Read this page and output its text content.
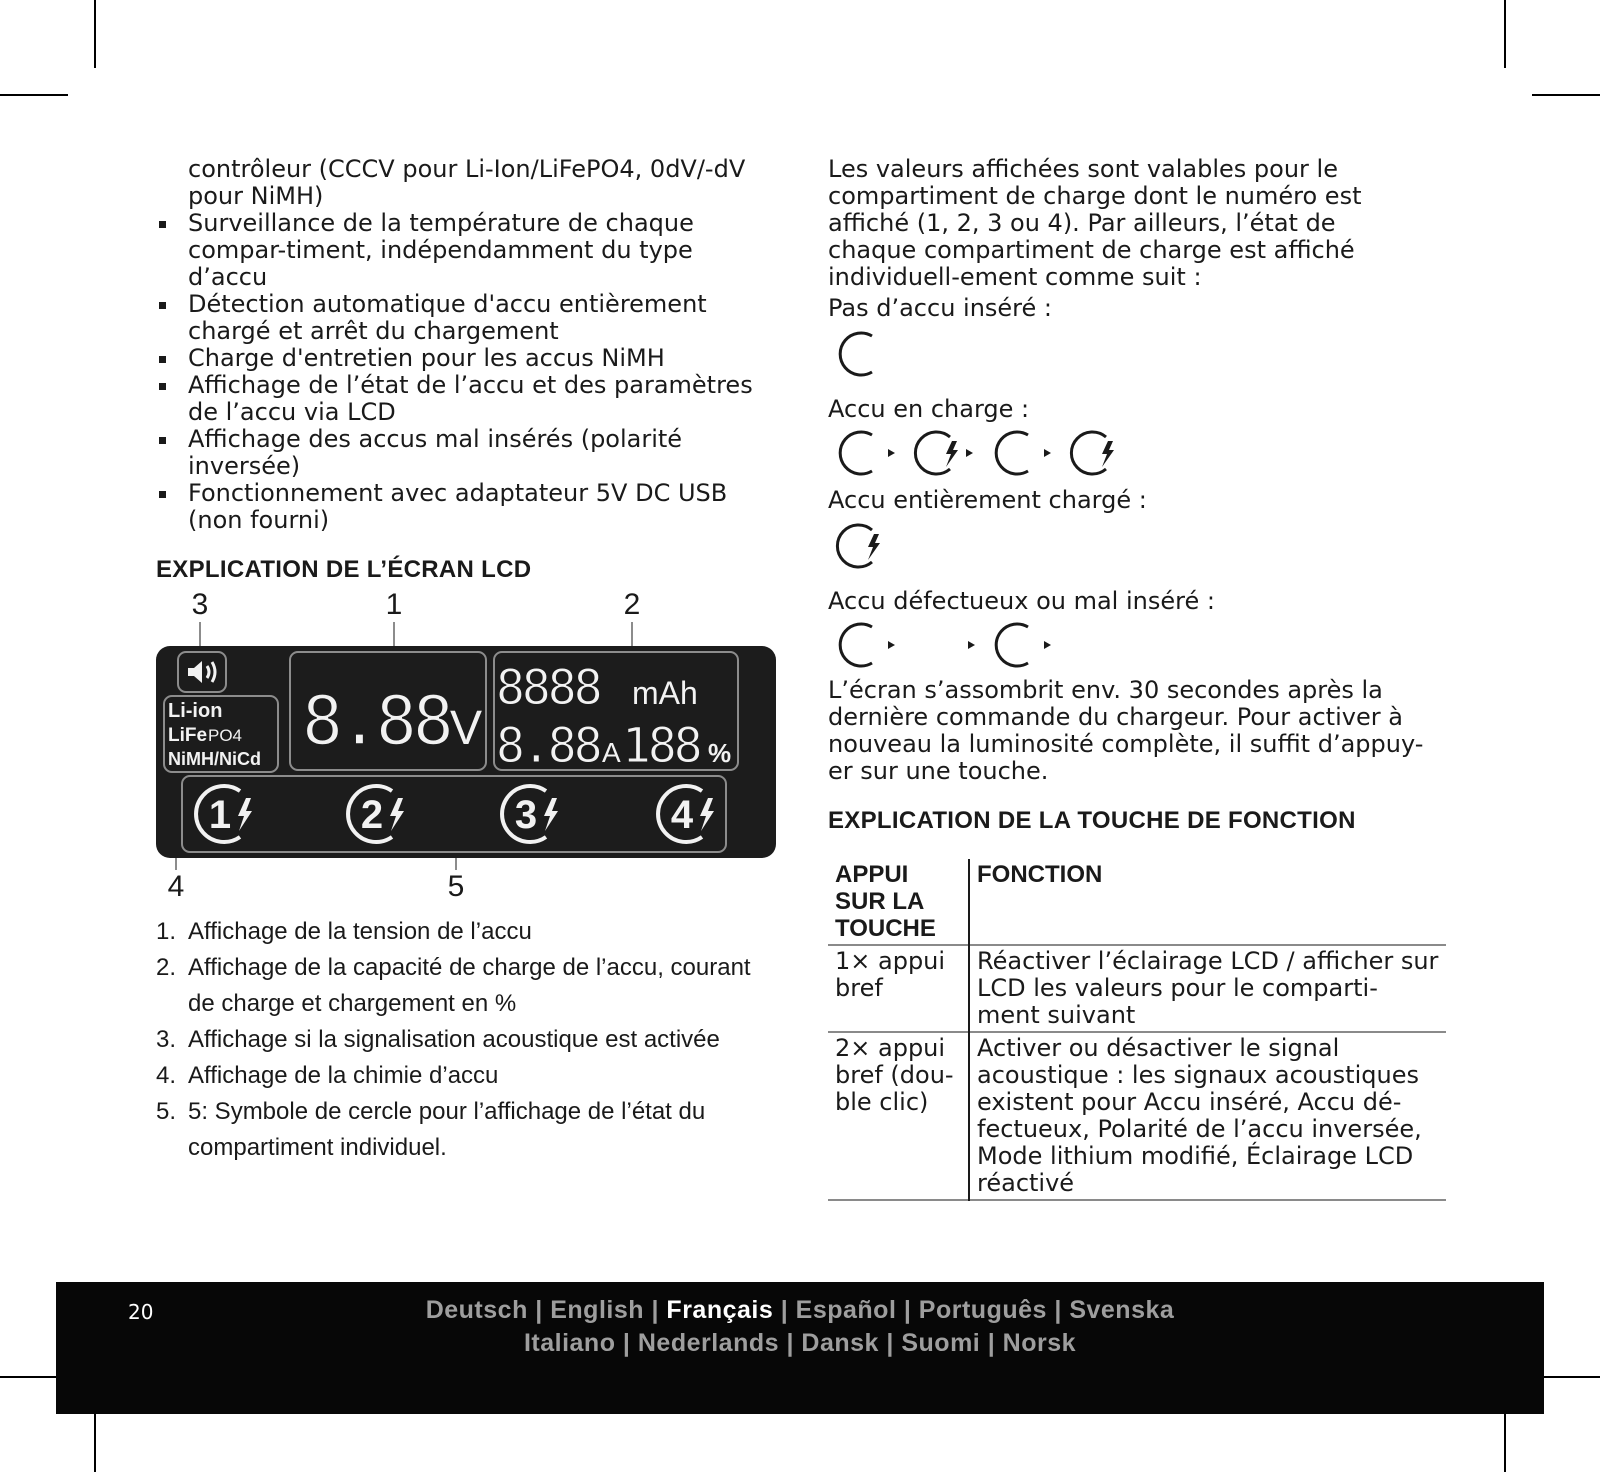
contrôleur (CCCV pour Li-Ion/LiFePO4, 0dV/-dV pour NiMH)

Surveillance de la température de chaque compar-timent, indépendamment du type d’accu
Détection automatique d'accu entièrement chargé et arrêt du chargement
Charge d'entretien pour les accus NiMH
Affichage de l’état de l’accu et des paramètres de l’accu via LCD
Affichage des accus mal insérés (polarité inversée)
Fonctionnement avec adaptateur 5V DC USB (non fourni)
EXPLICATION DE L’ÉCRAN LCD
3	1	2
4	5
Li-ion
LiFe PO4
NiMH/NiCd 8.88 V
8888 mAh
8.88 A 188 %
1	2	3	4
1. Affichage de la tension de l’accu
2. Affichage de la capacité de charge de l’accu, courant de charge et chargement en %
3. Affichage si la signalisation acoustique est activée
4. Affichage de la chimie d’accu
5. 5: Symbole de cercle pour l’affichage de l’état du compartiment individuel.

Les valeurs affichées sont valables pour le compartiment de charge dont le numéro est affiché (1, 2, 3 ou 4). Par ailleurs, l’état de chaque compartiment de charge est affiché individuell-ement comme suit :

Pas d’accu inséré :

Accu en charge :

Accu entièrement chargé :

Accu défectueux ou mal inséré :

L’écran s’assombrit env. 30 secondes après la dernière commande du chargeur. Pour activer à nouveau la luminosité complète, il suffit d’appuy-er sur une touche.

EXPLICATION DE LA TOUCHE DE FONCTION
APPUI SUR LA TOUCHE	FONCTION
1× appui bref	Réactiver l’éclairage LCD / afficher sur LCD les valeurs pour le comparti-ment suivant
2× appui bref (dou-ble clic)	Activer ou désactiver le signal acoustique : les signaux acoustiques existent pour Accu inséré, Accu dé-fectueux, Polarité de l’accu inversée, Mode lithium modifié, Éclairage LCD réactivé
20	Deutsch | English | Français | Español | Português | Svenska
Italiano | Nederlands | Dansk | Suomi | Norsk
